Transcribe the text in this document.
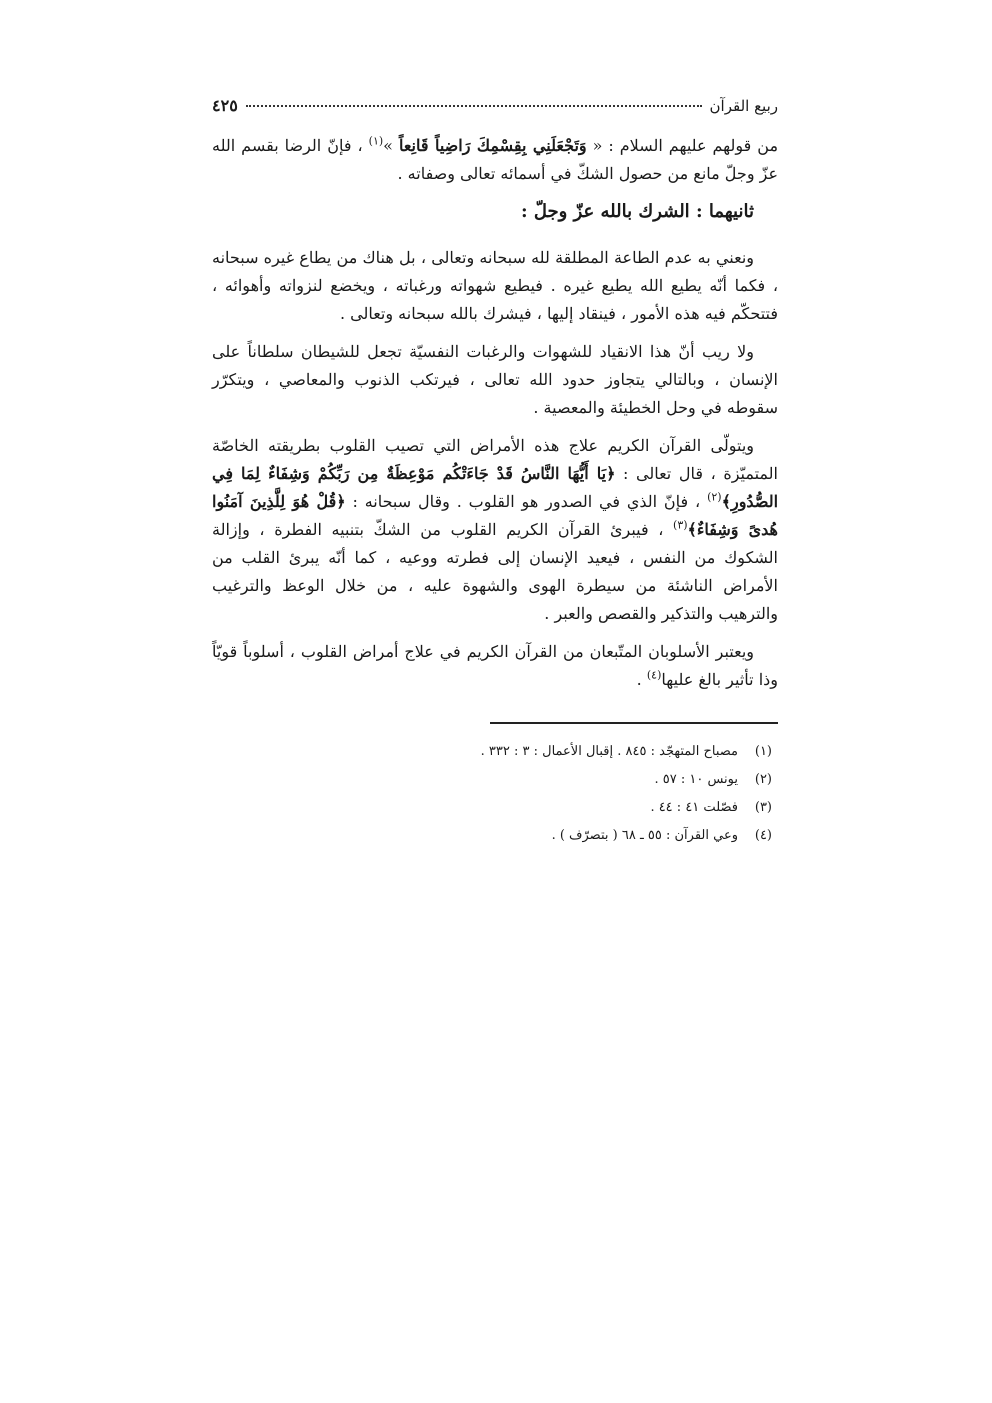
ربيع القرآن
٤٢٥

من قولهم عليهم السلام : « وَتَجْعَلَنِي بِقِسْمِكَ رَاضِياً قَانِعاً »$^{(١)}$ ، فإنّ الرضا بقسم الله عزّ وجلّ مانع من حصول الشكّ في أسمائه تعالى وصفاته .

ثانيهما : الشرك بالله عزّ وجلّ :

ونعني به عدم الطاعة المطلقة لله سبحانه وتعالى ، بل هناك من يطاع غيره سبحانه ، فكما أنّه يطيع الله يطيع غيره . فيطيع شهواته ورغباته ، ويخضع لنزواته وأهوائه ، فتتحكّم فيه هذه الأمور ، فينقاد إليها ، فيشرك بالله سبحانه وتعالى .

ولا ريب أنّ هذا الانقياد للشهوات والرغبات النفسيّة تجعل للشيطان سلطاناً على الإنسان ، وبالتالي يتجاوز حدود الله تعالى ، فيرتكب الذنوب والمعاصي ، ويتكرّر سقوطه في وحل الخطيئة والمعصية .

ويتولّى القرآن الكريم علاج هذه الأمراض التي تصيب القلوب بطريقته الخاصّة المتميّزة ، قال تعالى : ﴿يَا أَيُّهَا النَّاسُ قَدْ جَاءَتْكُم مَوْعِظَةٌ مِن رَبِّكُمْ وَشِفَاءٌ لِمَا فِي الصُّدُورِ﴾$^{(٢)}$ ، فإنّ الذي في الصدور هو القلوب . وقال سبحانه : ﴿قُلْ هُوَ لِلَّذِينَ آمَنُوا هُدىً وَشِفَاءٌ﴾$^{(٣)}$ ، فيبرئ القرآن الكريم القلوب من الشكّ بتنبيه الفطرة ، وإزالة الشكوك من النفس ، فيعيد الإنسان إلى فطرته ووعيه ، كما أنّه يبرئ القلب من الأمراض الناشئة من سيطرة الهوى والشهوة عليه ، من خلال الوعظ والترغيب والترهيب والتذكير والقصص والعبر .

ويعتبر الأسلوبان المتّبعان من القرآن الكريم في علاج أمراض القلوب ، أسلوباً قويّاً وذا تأثير بالغ عليها$^{(٤)}$ .

(١)
مصباح المتهجّد : ٨٤٥ . إقبال الأعمال : ٣ : ٣٣٢ .
(٢)
يونس ١٠ : ٥٧ .
(٣)
فصّلت ٤١ : ٤٤ .
(٤)
وعي القرآن : ٥٥ ـ ٦٨ ( بتصرّف ) .
